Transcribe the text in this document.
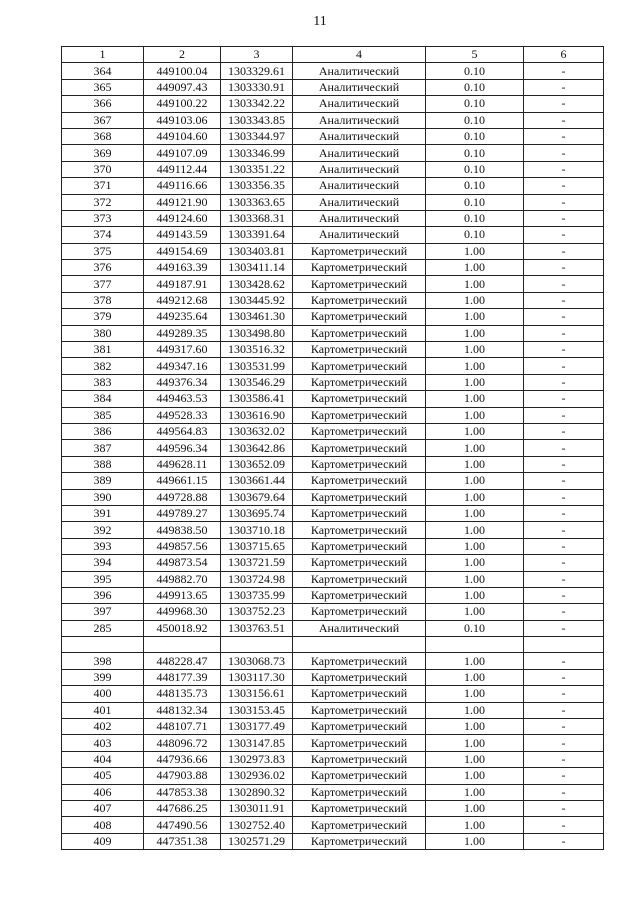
11
1	2	3	4	5	6
364	449100.04	1303329.61	Аналитический	0.10	-
365	449097.43	1303330.91	Аналитический	0.10	-
366	449100.22	1303342.22	Аналитический	0.10	-
367	449103.06	1303343.85	Аналитический	0.10	-
368	449104.60	1303344.97	Аналитический	0.10	-
369	449107.09	1303346.99	Аналитический	0.10	-
370	449112.44	1303351.22	Аналитический	0.10	-
371	449116.66	1303356.35	Аналитический	0.10	-
372	449121.90	1303363.65	Аналитический	0.10	-
373	449124.60	1303368.31	Аналитический	0.10	-
374	449143.59	1303391.64	Аналитический	0.10	-
375	449154.69	1303403.81	Картометрический	1.00	-
376	449163.39	1303411.14	Картометрический	1.00	-
377	449187.91	1303428.62	Картометрический	1.00	-
378	449212.68	1303445.92	Картометрический	1.00	-
379	449235.64	1303461.30	Картометрический	1.00	-
380	449289.35	1303498.80	Картометрический	1.00	-
381	449317.60	1303516.32	Картометрический	1.00	-
382	449347.16	1303531.99	Картометрический	1.00	-
383	449376.34	1303546.29	Картометрический	1.00	-
384	449463.53	1303586.41	Картометрический	1.00	-
385	449528.33	1303616.90	Картометрический	1.00	-
386	449564.83	1303632.02	Картометрический	1.00	-
387	449596.34	1303642.86	Картометрический	1.00	-
388	449628.11	1303652.09	Картометрический	1.00	-
389	449661.15	1303661.44	Картометрический	1.00	-
390	449728.88	1303679.64	Картометрический	1.00	-
391	449789.27	1303695.74	Картометрический	1.00	-
392	449838.50	1303710.18	Картометрический	1.00	-
393	449857.56	1303715.65	Картометрический	1.00	-
394	449873.54	1303721.59	Картометрический	1.00	-
395	449882.70	1303724.98	Картометрический	1.00	-
396	449913.65	1303735.99	Картометрический	1.00	-
397	449968.30	1303752.23	Картометрический	1.00	-
285	450018.92	1303763.51	Аналитический	0.10	-

398	448228.47	1303068.73	Картометрический	1.00	-
399	448177.39	1303117.30	Картометрический	1.00	-
400	448135.73	1303156.61	Картометрический	1.00	-
401	448132.34	1303153.45	Картометрический	1.00	-
402	448107.71	1303177.49	Картометрический	1.00	-
403	448096.72	1303147.85	Картометрический	1.00	-
404	447936.66	1302973.83	Картометрический	1.00	-
405	447903.88	1302936.02	Картометрический	1.00	-
406	447853.38	1302890.32	Картометрический	1.00	-
407	447686.25	1303011.91	Картометрический	1.00	-
408	447490.56	1302752.40	Картометрический	1.00	-
409	447351.38	1302571.29	Картометрический	1.00	-
